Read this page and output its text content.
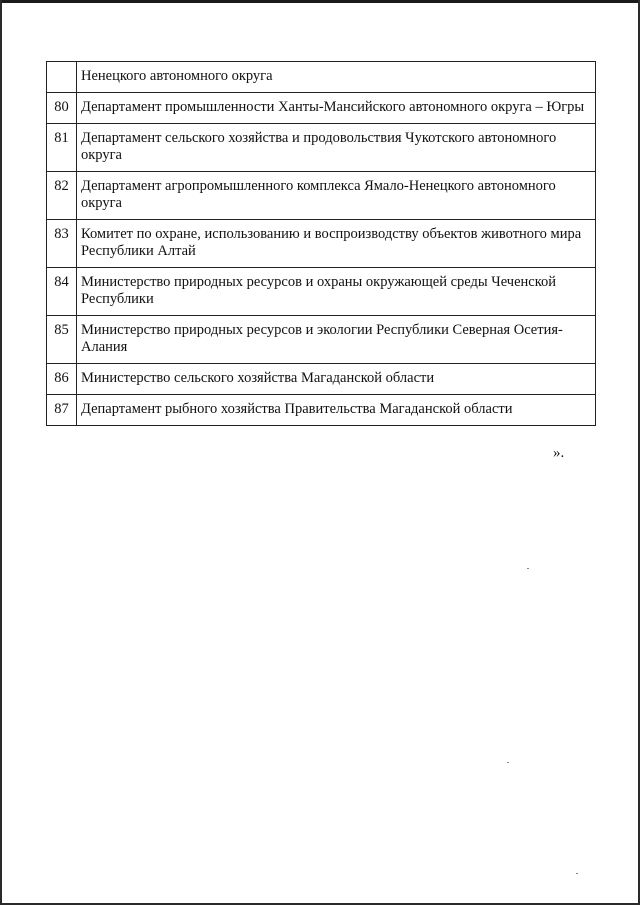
	Ненецкого автономного округа
80	Департамент промышленности Ханты-Мансийского автономного округа – Югры
81	Департамент сельского хозяйства и продовольствия Чукотского автономного округа
82	Департамент агропромышленного комплекса Ямало-Ненецкого автономного округа
83	Комитет по охране, использованию и воспроизводству объектов животного мира Республики Алтай
84	Министерство природных ресурсов и охраны окружающей среды Чеченской Республики
85	Министерство природных ресурсов и экологии Республики Северная Осетия-Алания
86	Министерство сельского хозяйства Магаданской области
87	Департамент рыбного хозяйства Правительства Магаданской области
».
